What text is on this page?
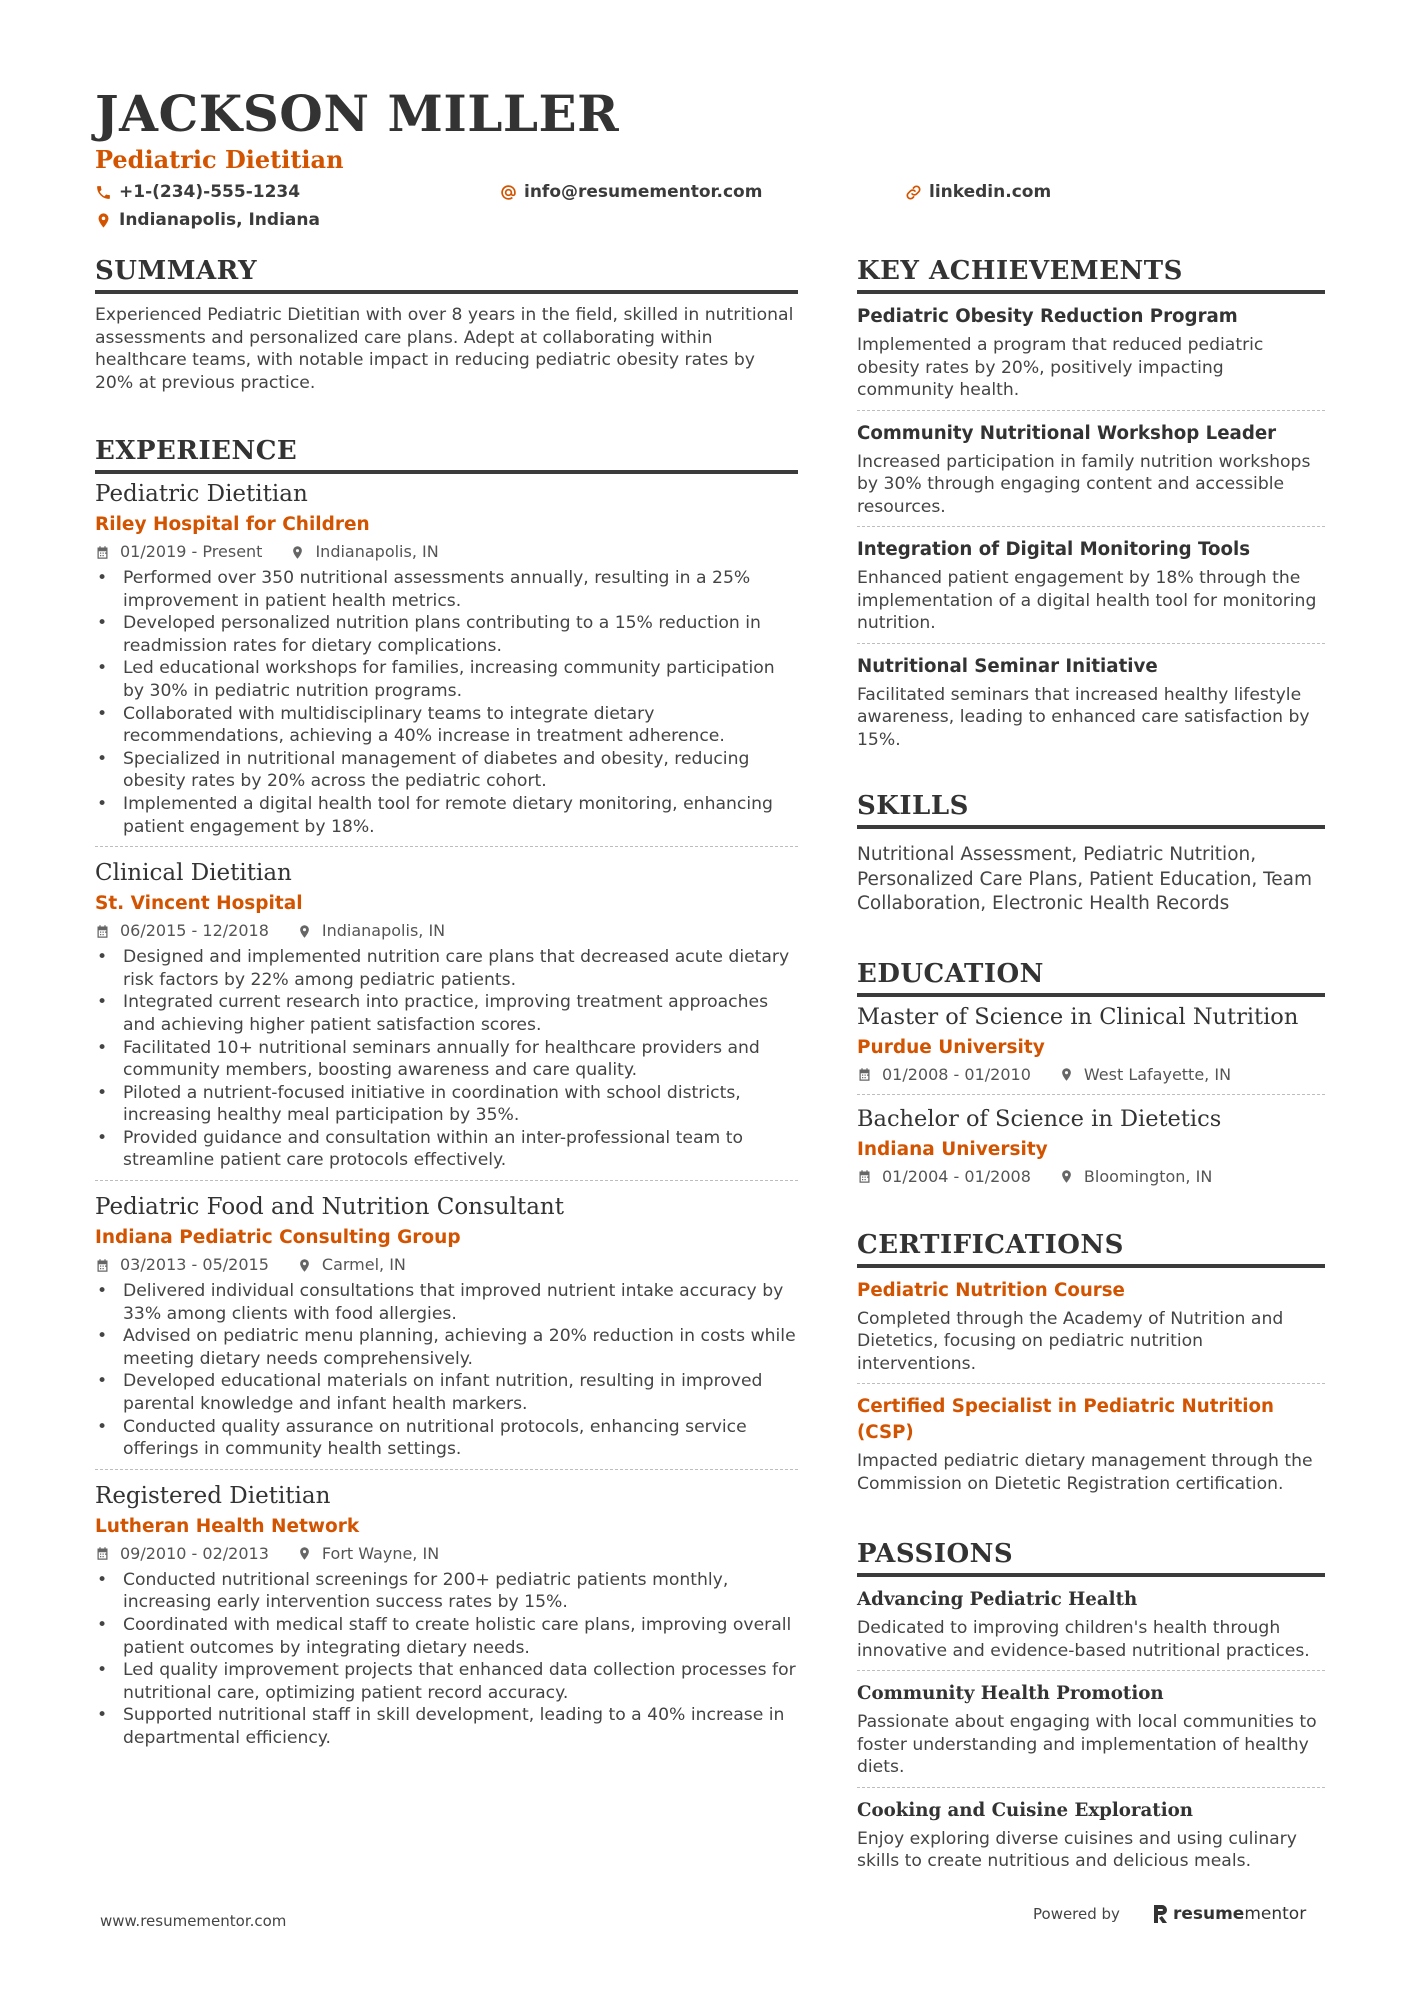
JACKSON MILLER
Pediatric Dietitian
+1-(234)-555-1234	info@resumementor.com	linkedin.com
Indianapolis, Indiana
SUMMARY
Experienced Pediatric Dietitian with over 8 years in the field, skilled in nutritional assessments and personalized care plans. Adept at collaborating within healthcare teams, with notable impact in reducing pediatric obesity rates by 20% at previous practice.
EXPERIENCE
Pediatric Dietitian
Riley Hospital for Children
01/2019 - Present	Indianapolis, IN
• Performed over 350 nutritional assessments annually, resulting in a 25% improvement in patient health metrics.
• Developed personalized nutrition plans contributing to a 15% reduction in readmission rates for dietary complications.
• Led educational workshops for families, increasing community participation by 30% in pediatric nutrition programs.
• Collaborated with multidisciplinary teams to integrate dietary recommendations, achieving a 40% increase in treatment adherence.
• Specialized in nutritional management of diabetes and obesity, reducing obesity rates by 20% across the pediatric cohort.
• Implemented a digital health tool for remote dietary monitoring, enhancing patient engagement by 18%.
Clinical Dietitian
St. Vincent Hospital
06/2015 - 12/2018	Indianapolis, IN
• Designed and implemented nutrition care plans that decreased acute dietary risk factors by 22% among pediatric patients.
• Integrated current research into practice, improving treatment approaches and achieving higher patient satisfaction scores.
• Facilitated 10+ nutritional seminars annually for healthcare providers and community members, boosting awareness and care quality.
• Piloted a nutrient-focused initiative in coordination with school districts, increasing healthy meal participation by 35%.
• Provided guidance and consultation within an inter-professional team to streamline patient care protocols effectively.
Pediatric Food and Nutrition Consultant
Indiana Pediatric Consulting Group
03/2013 - 05/2015	Carmel, IN
• Delivered individual consultations that improved nutrient intake accuracy by 33% among clients with food allergies.
• Advised on pediatric menu planning, achieving a 20% reduction in costs while meeting dietary needs comprehensively.
• Developed educational materials on infant nutrition, resulting in improved parental knowledge and infant health markers.
• Conducted quality assurance on nutritional protocols, enhancing service offerings in community health settings.
Registered Dietitian
Lutheran Health Network
09/2010 - 02/2013	Fort Wayne, IN
• Conducted nutritional screenings for 200+ pediatric patients monthly, increasing early intervention success rates by 15%.
• Coordinated with medical staff to create holistic care plans, improving overall patient outcomes by integrating dietary needs.
• Led quality improvement projects that enhanced data collection processes for nutritional care, optimizing patient record accuracy.
• Supported nutritional staff in skill development, leading to a 40% increase in departmental efficiency.
KEY ACHIEVEMENTS
Pediatric Obesity Reduction Program
Implemented a program that reduced pediatric obesity rates by 20%, positively impacting community health.
Community Nutritional Workshop Leader
Increased participation in family nutrition workshops by 30% through engaging content and accessible resources.
Integration of Digital Monitoring Tools
Enhanced patient engagement by 18% through the implementation of a digital health tool for monitoring nutrition.
Nutritional Seminar Initiative
Facilitated seminars that increased healthy lifestyle awareness, leading to enhanced care satisfaction by 15%.
SKILLS
Nutritional Assessment, Pediatric Nutrition, Personalized Care Plans, Patient Education, Team Collaboration, Electronic Health Records
EDUCATION
Master of Science in Clinical Nutrition
Purdue University
01/2008 - 01/2010	West Lafayette, IN
Bachelor of Science in Dietetics
Indiana University
01/2004 - 01/2008	Bloomington, IN
CERTIFICATIONS
Pediatric Nutrition Course
Completed through the Academy of Nutrition and Dietetics, focusing on pediatric nutrition interventions.
Certified Specialist in Pediatric Nutrition (CSP)
Impacted pediatric dietary management through the Commission on Dietetic Registration certification.
PASSIONS
Advancing Pediatric Health
Dedicated to improving children's health through innovative and evidence-based nutritional practices.
Community Health Promotion
Passionate about engaging with local communities to foster understanding and implementation of healthy diets.
Cooking and Cuisine Exploration
Enjoy exploring diverse cuisines and using culinary skills to create nutritious and delicious meals.
www.resumementor.com	Powered by	resume mentor
